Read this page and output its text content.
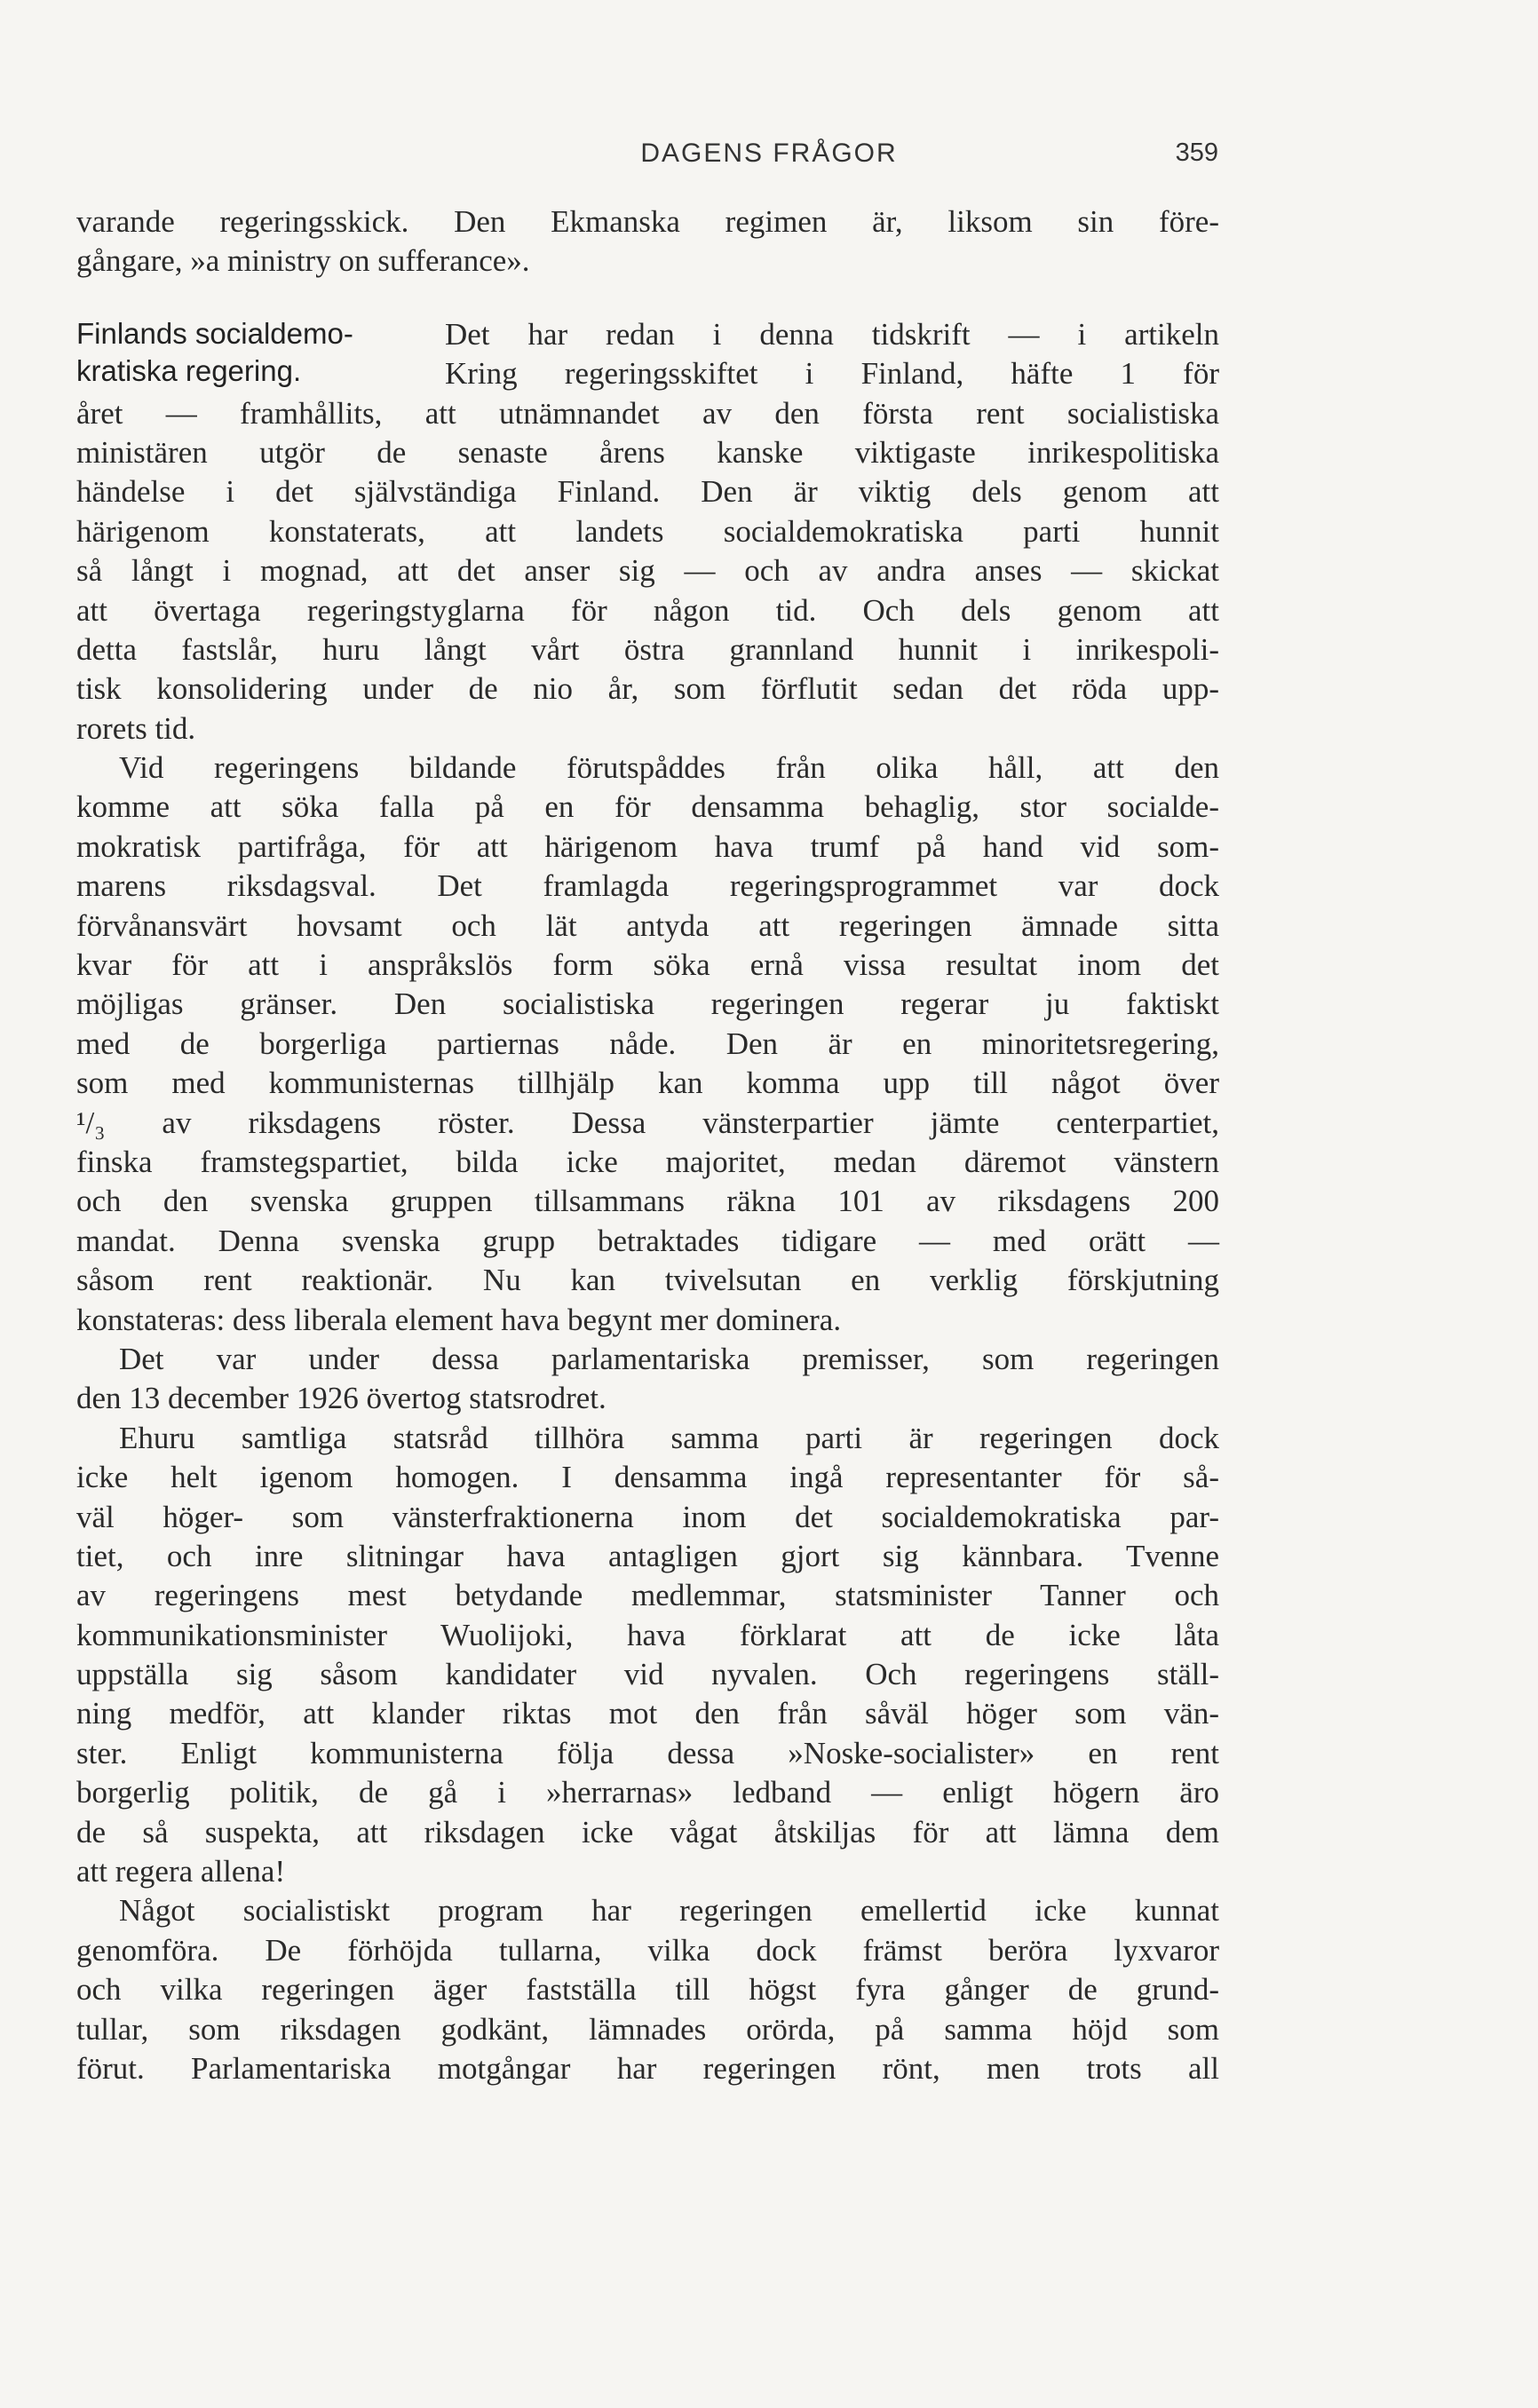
DAGENS FRÅGOR	359
varande regeringsskick. Den Ekmanska regimen är, liksom sin före-
gångare, »a ministry on sufferance».
Finlands socialdemo-
kratiska regering.
Det har redan i denna tidskrift — i artikeln
Kring regeringsskiftet i Finland, häfte 1 för
året — framhållits, att utnämnandet av den första rent socialistiska
ministären utgör de senaste årens kanske viktigaste inrikespolitiska
händelse i det självständiga Finland. Den är viktig dels genom att
härigenom konstaterats, att landets socialdemokratiska parti hunnit
så långt i mognad, att det anser sig — och av andra anses — skickat
att övertaga regeringstyglarna för någon tid. Och dels genom att
detta fastslår, huru långt vårt östra grannland hunnit i inrikespoli-
tisk konsolidering under de nio år, som förflutit sedan det röda upp-
rorets tid.
Vid regeringens bildande förutspåddes från olika håll, att den
komme att söka falla på en för densamma behaglig, stor socialde-
mokratisk partifråga, för att härigenom hava trumf på hand vid som-
marens riksdagsval. Det framlagda regeringsprogrammet var dock
förvånansvärt hovsamt och lät antyda att regeringen ämnade sitta
kvar för att i anspråkslös form söka ernå vissa resultat inom det
möjligas gränser. Den socialistiska regeringen regerar ju faktiskt
med de borgerliga partiernas nåde. Den är en minoritetsregering,
som med kommunisternas tillhjälp kan komma upp till något över
¹/₃ av riksdagens röster. Dessa vänsterpartier jämte centerpartiet,
finska framstegspartiet, bilda icke majoritet, medan däremot vänstern
och den svenska gruppen tillsammans räkna 101 av riksdagens 200
mandat. Denna svenska grupp betraktades tidigare — med orätt —
såsom rent reaktionär. Nu kan tvivelsutan en verklig förskjutning
konstateras: dess liberala element hava begynt mer dominera.
Det var under dessa parlamentariska premisser, som regeringen
den 13 december 1926 övertog statsrodret.
Ehuru samtliga statsråd tillhöra samma parti är regeringen dock
icke helt igenom homogen. I densamma ingå representanter för så-
väl höger- som vänsterfraktionerna inom det socialdemokratiska par-
tiet, och inre slitningar hava antagligen gjort sig kännbara. Tvenne
av regeringens mest betydande medlemmar, statsminister Tanner och
kommunikationsminister Wuolijoki, hava förklarat att de icke låta
uppställa sig såsom kandidater vid nyvalen. Och regeringens ställ-
ning medför, att klander riktas mot den från såväl höger som vän-
ster. Enligt kommunisterna följa dessa »Noske-socialister» en rent
borgerlig politik, de gå i »herrarnas» ledband — enligt högern äro
de så suspekta, att riksdagen icke vågat åtskiljas för att lämna dem
att regera allena!
Något socialistiskt program har regeringen emellertid icke kunnat
genomföra. De förhöjda tullarna, vilka dock främst beröra lyxvaror
och vilka regeringen äger fastställa till högst fyra gånger de grund-
tullar, som riksdagen godkänt, lämnades orörda, på samma höjd som
förut. Parlamentariska motgångar har regeringen rönt, men trots all
